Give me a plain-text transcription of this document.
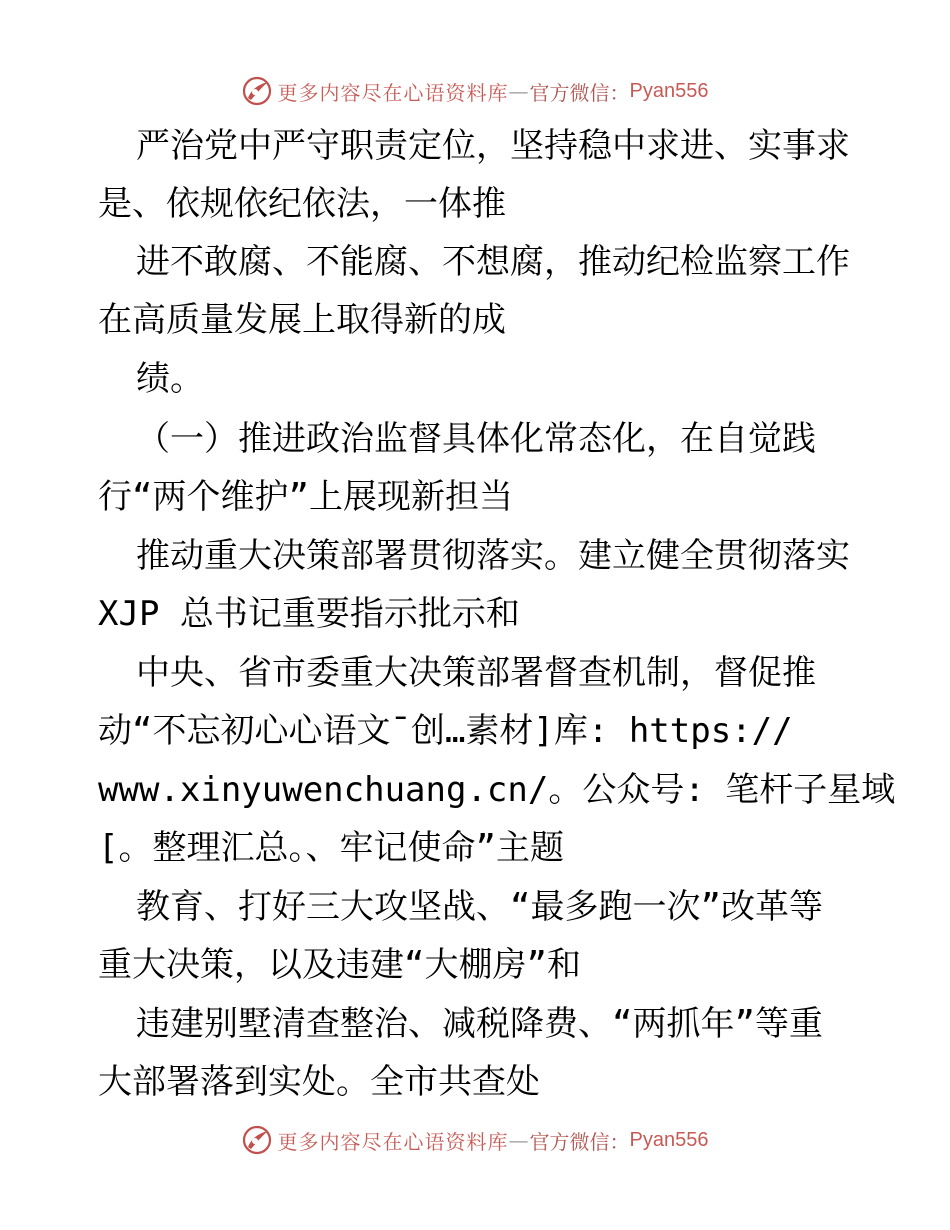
更多内容尽在心语资料库 — 官方微信： Pyan556
严治党中严守职责定位，坚持稳中求进、实事求
是、依规依纪依法，一体推
进不敢腐、不能腐、不想腐，推动纪检监察工作
在高质量发展上取得新的成
绩。
（一）推进政治监督具体化常态化，在自觉践
行“两个维护”上展现新担当
推动重大决策部署贯彻落实。建立健全贯彻落实
XJP 总书记重要指示批示和
中央、省市委重大决策部署督查机制，督促推
动“不忘初心心语文¯创…素材]库: https://
www.xinyuwenchuang.cn/。公众号: 笔杆子星域
[。整理汇总。、牢记使命”主题
教育、打好三大攻坚战、“最多跑一次”改革等
重大决策，以及违建“大棚房”和
违建别墅清查整治、减税降费、“两抓年”等重
大部署落到实处。全市共查处
更多内容尽在心语资料库 — 官方微信： Pyan556
